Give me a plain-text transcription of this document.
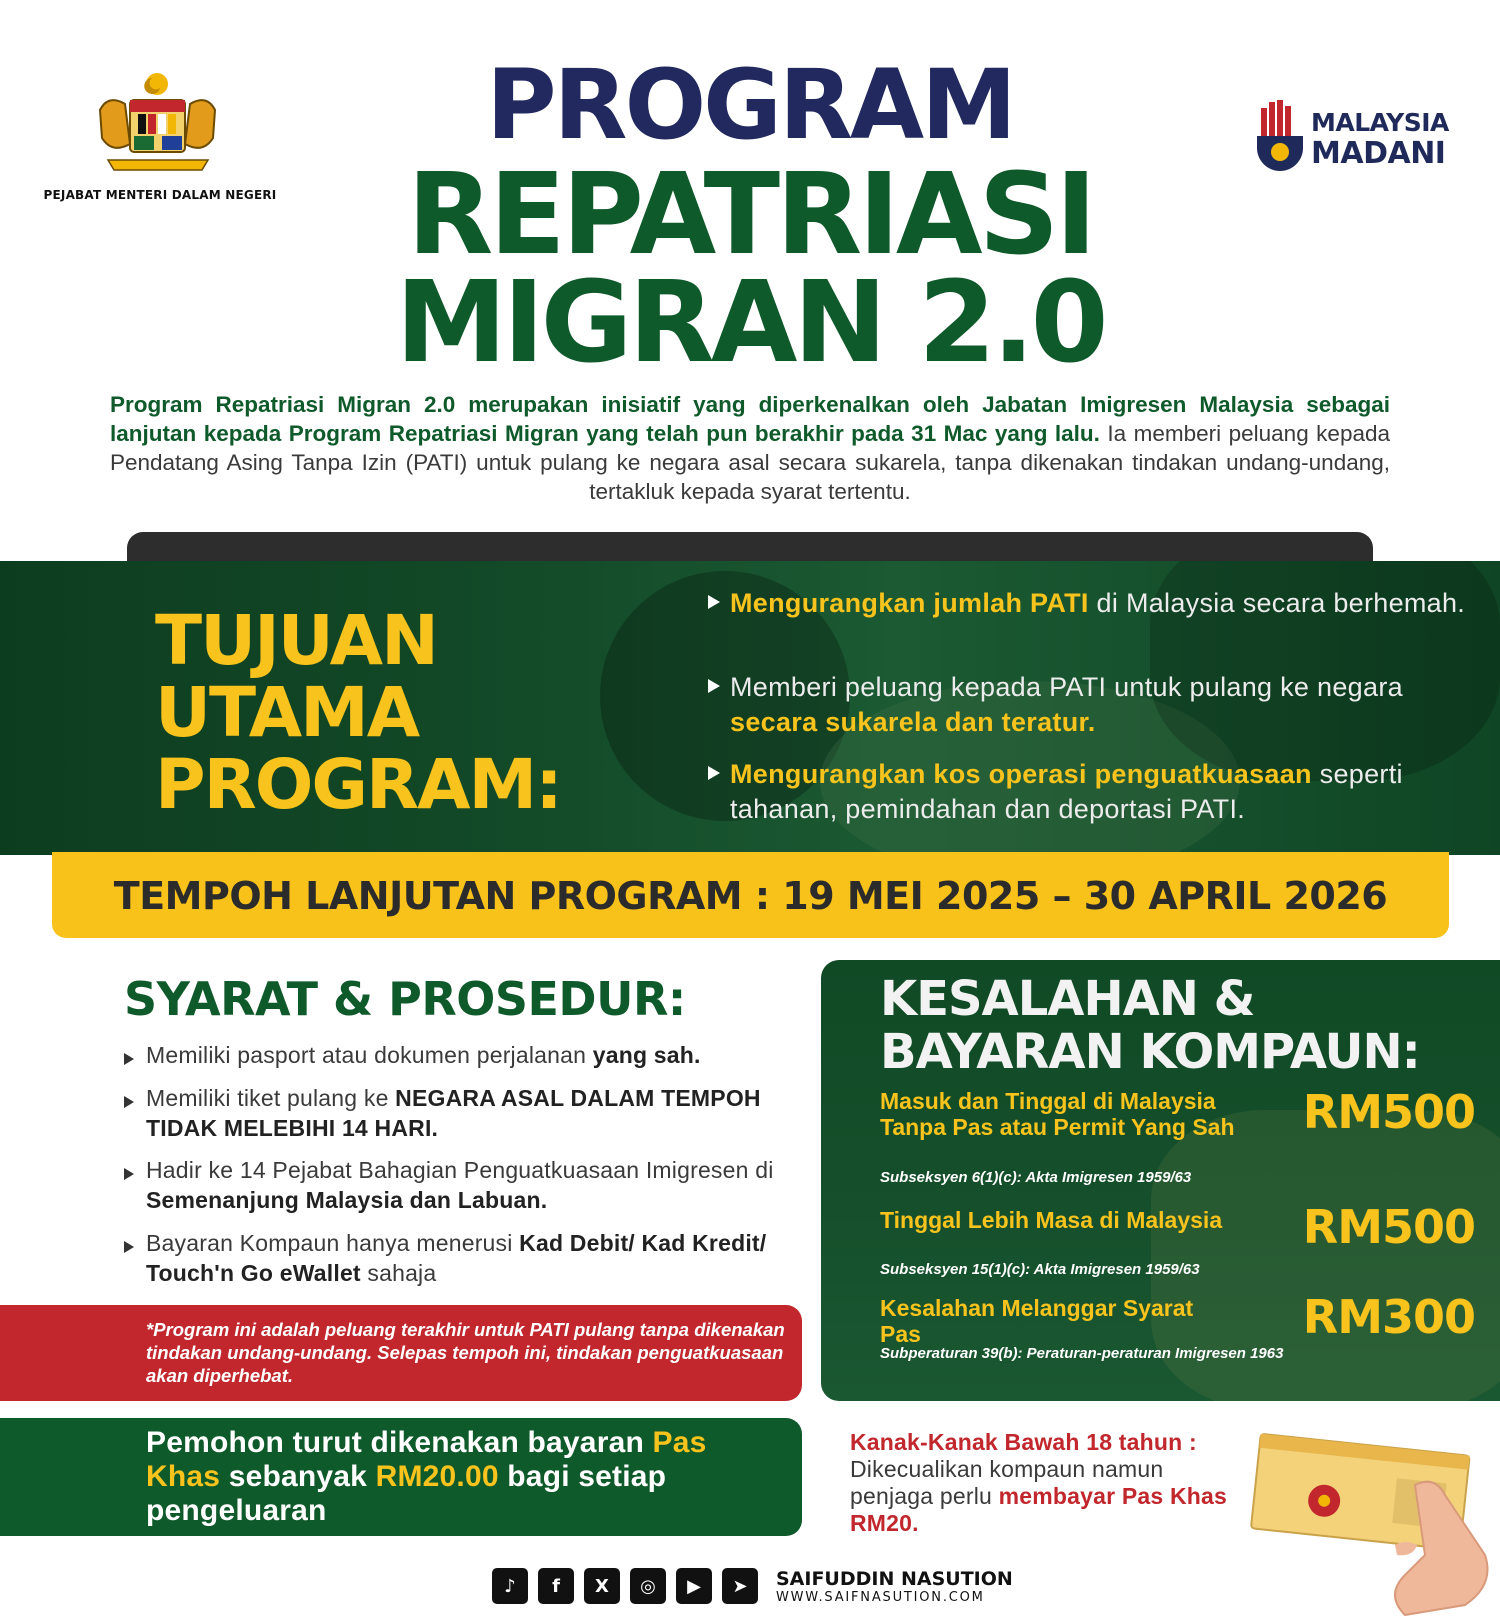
PEJABAT MENTERI DALAM NEGERI
MALAYSIA
MADANI
PROGRAM
REPATRIASI
MIGRAN 2.0

Program Repatriasi Migran 2.0 merupakan inisiatif yang diperkenalkan oleh Jabatan Imigresen Malaysia sebagai lanjutan kepada Program Repatriasi Migran yang telah pun berakhir pada 31 Mac yang lalu. Ia memberi peluang kepada Pendatang Asing Tanpa Izin (PATI) untuk pulang ke negara asal secara sukarela, tanpa dikenakan tindakan undang-undang, tertakluk kepada syarat tertentu.

TUJUAN
UTAMA
PROGRAM:
Mengurangkan jumlah PATI di Malaysia secara berhemah.
Memberi peluang kepada PATI untuk pulang ke negara secara sukarela dan teratur.
Mengurangkan kos operasi penguatkuasaan seperti tahanan, pemindahan dan deportasi PATI.
TEMPOH LANJUTAN PROGRAM : 19 MEI 2025 – 30 APRIL 2026
SYARAT & PROSEDUR:
Memiliki pasport atau dokumen perjalanan yang sah.
Memiliki tiket pulang ke NEGARA ASAL DALAM TEMPOH TIDAK MELEBIHI 14 HARI.
Hadir ke 14 Pejabat Bahagian Penguatkuasaan Imigresen di Semenanjung Malaysia dan Labuan.
Bayaran Kompaun hanya menerusi Kad Debit/ Kad Kredit/ Touch'n Go eWallet sahaja
*Program ini adalah peluang terakhir untuk PATI pulang tanpa dikenakan tindakan undang-undang. Selepas tempoh ini, tindakan penguatkuasaan akan diperhebat.
Pemohon turut dikenakan bayaran Pas Khas sebanyak RM20.00 bagi setiap pengeluaran
KESALAHAN &
BAYARAN KOMPAUN:
Masuk dan Tinggal di Malaysia Tanpa Pas atau Permit Yang Sah
Subseksyen 6(1)(c): Akta Imigresen 1959/63
RM500
Tinggal Lebih Masa di Malaysia
Subseksyen 15(1)(c): Akta Imigresen 1959/63
RM500
Kesalahan Melanggar Syarat Pas
Subperaturan 39(b): Peraturan-peraturan Imigresen 1963
RM300
Kanak-Kanak Bawah 18 tahun : Dikecualikan kompaun namun penjaga perlu membayar Pas Khas RM20.
♪	f	X	◎	▶	➤	SAIFUDDIN NASUTION
WWW.SAIFNASUTION.COM
